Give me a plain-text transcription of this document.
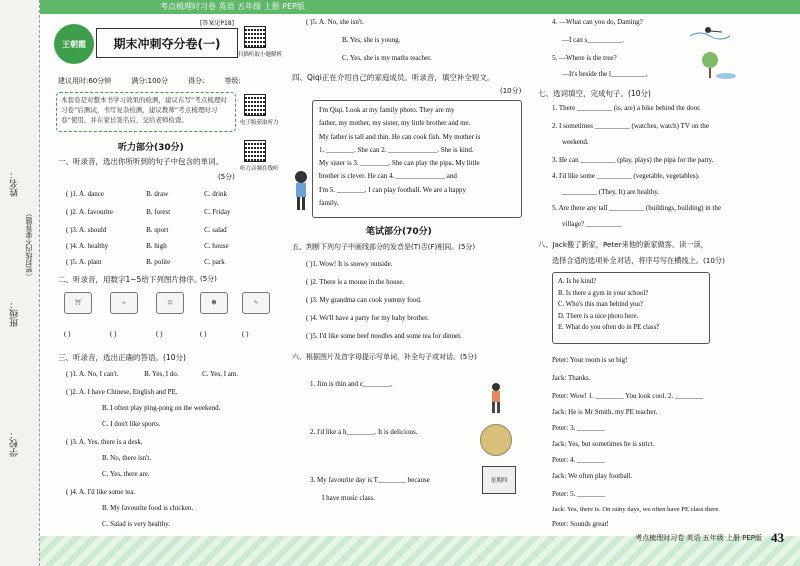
考点梳理时习卷 英语 五年级 上册 PEP版
姓名：
班级：
学校：
（密封线内不要答题）
王朝霞
[答案见P18]
期末冲刺夺分卷(一)
扫描听取小题解析
建议用时:60分钟	满分:100分	得分:	等级:
本套卷是对整本书学习效果的检测，建议在写“考点梳理时习卷”后测试，书写复杂检测，建议教师“考点梳理时习卷”使用，并在家长签名后，交给老师检查。	电子版获取听力
听力音频在线听
听力部分(30分)
一、听录音，选出你所听到的句子中包含的单词。
(5分)
( )1. A. dance	B. draw	C. drink
( )2. A. favourite	B. forest	C. Friday
( )3. A. should	B. sport	C. salad
( )4. A. healthy	B. high	C. house
( )5. A. plant	B. polite	C. park
二、听录音，用数字1~5给下列图片排序。
(5分)
⛩	≈	☺	☻	✎
( )	( )	( )	( )	( )
三、听录音，选出正确的答语。(10分)
( )1. A. No, I can't.	B. Yes, I do.	C. Yes, I am.
( )2. A. I have Chinese, English and PE.
B. I often play ping-pong on the weekend.
C. I don't like sports.
( )3. A. Yes, there is a desk.
B. No, there isn't.
C. Yes, there are.
( )4. A. I'd like some tea.
B. My favourite food is chicken.
C. Salad is very healthy.
( )5. A. No, she isn't.
B. Yes, she is young.
C. Yes, she is my maths teacher.
四、Qiqi正在介绍自己的家庭成员。听录音，填空补全短文。
(10分)
I'm Qiqi. Look at my family photo. They are my
father, my mother, my sister, my little brother and me.
My father is tall and thin. He can cook fish. My mother is
1. ________. She can 2. ______________. She is kind.
My sister is 3. ________. She can play the pipa. My little
brother is clever. He can 4. ______________ and
I'm 5. ________. I can play football. We are a happy
family.
笔试部分(70分)
五、判断下列句子中画线部分的发音是(T)否(F)相同。(5分)
( )1. Wow! It is snowy outside.
( )2. There is a mouse in the house.
( )3. My grandma can cook yummy food.
( )4. We'll have a party for my baby brother.
( )5. I'd like some beef noodles and some tea for dinner.
六、根据图片及首字母提示写单词，补全句子或对话。(5分)
1. Jim is thin and c________.
2. I'd like a h________. It is delicious.
3. My favourite day is T________ because
I have music class.
星期四
4. —What can you do, Daming?
—I can s__________.
5. —Where is the tree?
—It's beside the l__________.
七、选词填空，完成句子。(10分)
1. There __________ (is, are) a bike behind the door.
2. I sometimes __________ (watches, watch) TV on the
weekend.
3. He can __________ (play, plays) the pipa for the party.
4. I'd like some __________ (vegetable, vegetables).
__________ (They, It) are healthy.
5. Are there any tall __________ (buildings, building) in the
village? __________
八、Jack搬了新家，Peter来他的新家做客。读一读，
选择合适的选项补全对话，将序号写在横线上。(10分)
A. Is he kind?
B. Is there a gym in your school?
C. Who's this man behind you?
D. There is a nice photo here.
E. What do you often do in PE class?
Peter: Your room is so big!
Jack: Thanks.
Peter: Wow! 1. ________ You look cool. 2. ________
Jack: He is Mr Smith, my PE teacher.
Peter: 3. ________
Jack: Yes, but sometimes he is strict.
Peter: 4. ________
Jack: We often play football.
Peter: 5. ________
Jack: Yes, there is. On rainy days, we often have PE class there.
Peter: Sounds great!
考点梳理时习卷 英语 五年级 上册 PEP版 43
